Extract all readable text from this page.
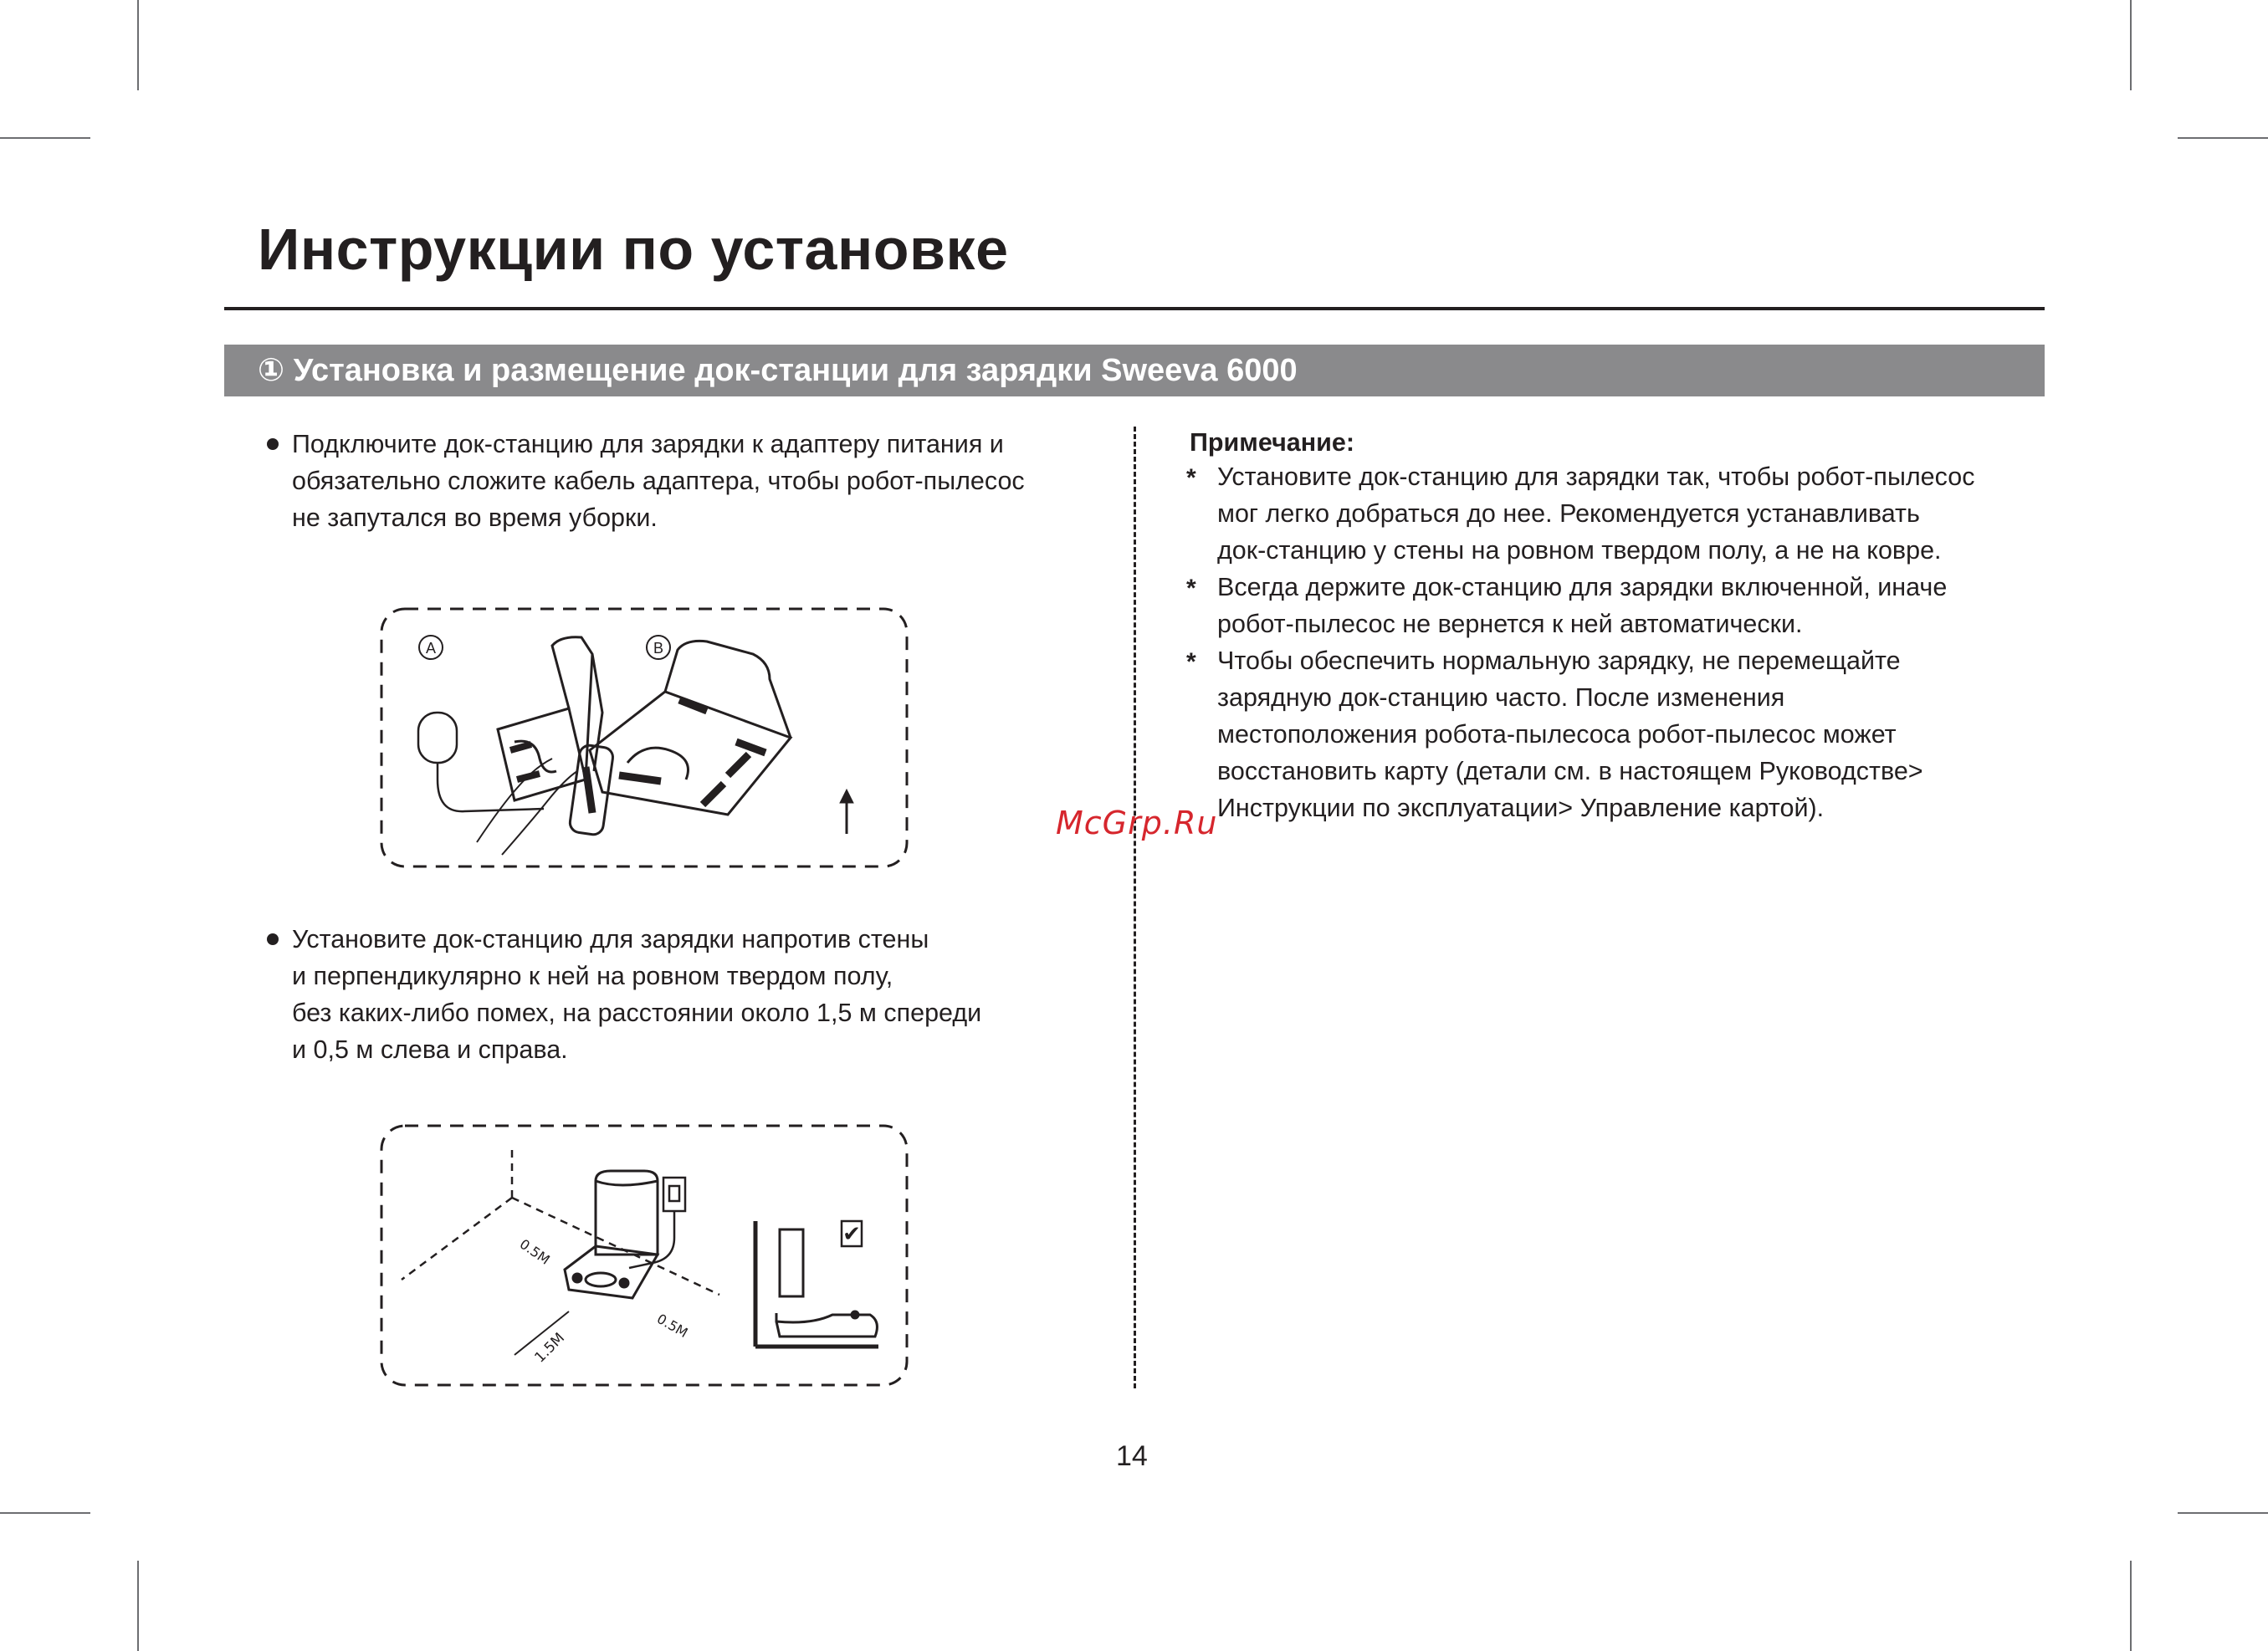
Инструкции по установке
① Установка и размещение док-станции для зарядки Sweeva 6000
Подключите док-станцию для зарядки к адаптеру питания и
обязательно сложите кабель адаптера, чтобы робот-пылесос
не запутался во время уборки.
A	B
Установите док-станцию для зарядки напротив стены
и перпендикулярно к ней на ровном твердом полу,
без каких-либо помех, на расстоянии около 1,5 м спереди
и 0,5 м слева и справа.
0.5M
0.5M
1.5M
✔
Примечание:
* Установите док-станцию для зарядки так, чтобы робот-пылесос
мог легко добраться до нее. Рекомендуется устанавливать
док-станцию у стены на ровном твердом полу, а не на ковре.
* Всегда держите док-станцию для зарядки включенной, иначе
робот-пылесос не вернется к ней автоматически.
* Чтобы обеспечить нормальную зарядку, не перемещайте
зарядную док-станцию часто. После изменения
местоположения робота-пылесоса робот-пылесос может
восстановить карту (детали см. в настоящем Руководстве>
Инструкции по эксплуатации> Управление картой).
McGrp.Ru
14
